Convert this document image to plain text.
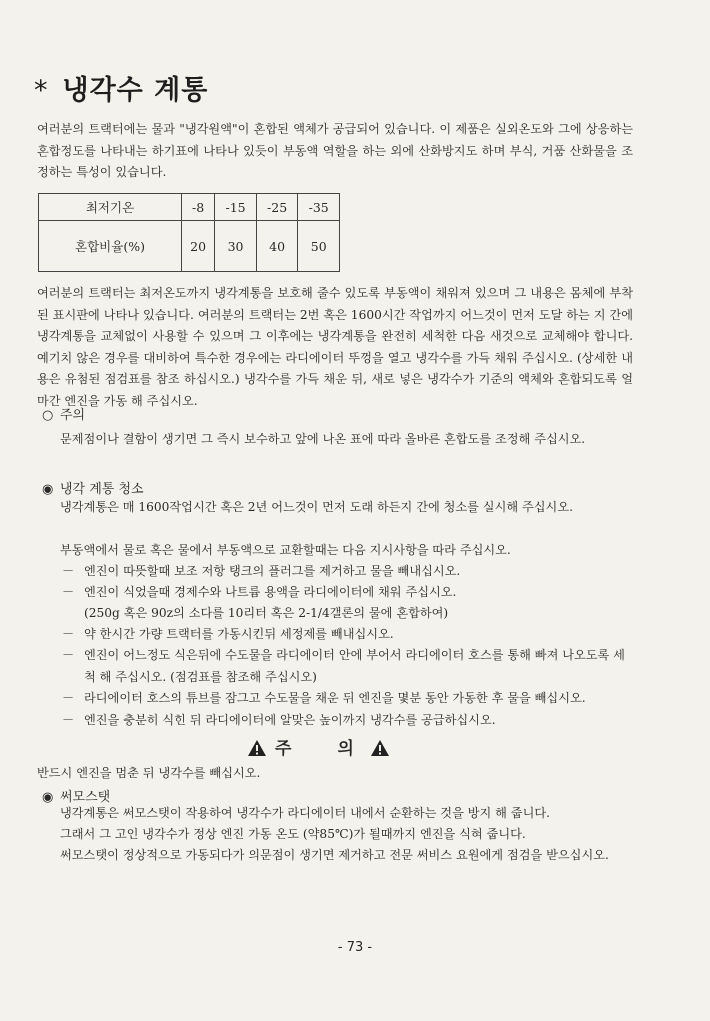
* 냉각수 계통
여러분의 트랙터에는 물과 "냉각원액"이 혼합된 액체가 공급되어 있습니다. 이 제품은 실외온도와 그에 상응하는 혼합정도를 나타내는 하기표에 나타나 있듯이 부동액 역할을 하는 외에 산화방지도 하며 부식, 거품 산화물을 조정하는 특성이 있습니다.
최저기온	-8	-15	-25	-35
혼합비율(%)	20	30	40	50
여러분의 트랙터는 최저온도까지 냉각계통을 보호해 줄수 있도록 부동액이 채워져 있으며 그 내용은 몸체에 부착된 표시판에 나타나 있습니다. 여러분의 트랙터는 2번 혹은 1600시간 작업까지 어느것이 먼저 도달 하는 지 간에 냉각계통을 교체없이 사용할 수 있으며 그 이후에는 냉각계통을 완전히 세척한 다음 새것으로 교체해야 합니다. 예기치 않은 경우를 대비하여 특수한 경우에는 라디에이터 뚜껑을 열고 냉각수를 가득 채워 주십시오. (상세한 내용은 유첨된 점검표를 참조 하십시오.) 냉각수를 가득 채운 뒤, 새로 넣은 냉각수가 기준의 액체와 혼합되도록 얼마간 엔진을 가동 해 주십시오.
○ 주의
문제점이나 결함이 생기면 그 즉시 보수하고 앞에 나온 표에 따라 올바른 혼합도를 조정해 주십시오.
◉ 냉각 계통 청소
냉각계통은 매 1600작업시간 혹은 2년 어느것이 먼저 도래 하든지 간에 청소를 실시해 주십시오.
부동액에서 물로 혹은 물에서 부동액으로 교환할때는 다음 지시사항을 따라 주십시오.
－ 엔진이 따뜻할때 보조 저항 탱크의 플러그를 제거하고 물을 빼내십시오.
－ 엔진이 식었을때 경제수와 나트륨 용액을 라디에이터에 채워 주십시오.
(250g 혹은 90z의 소다를 10리터 혹은 2-1/4갤론의 물에 혼합하여)
－ 약 한시간 가량 트랙터를 가동시킨뒤 세정제를 빼내십시오.
－ 엔진이 어느정도 식은뒤에 수도물을 라디에이터 안에 부어서 라디에이터 호스를 통해 빠져 나오도록 세척 해 주십시오. (점검표를 참조해 주십시오)
－ 라디에이터 호스의 튜브를 잠그고 수도물을 채운 뒤 엔진을 몇분 동안 가동한 후 물을 빼십시오.
－ 엔진을 충분히 식힌 뒤 라디에이터에 알맞은 높이까지 냉각수를 공급하십시오.
주	의
반드시 엔진을 멈춘 뒤 냉각수를 빼십시오.
◉ 써모스탯
냉각계통은 써모스탯이 작용하여 냉각수가 라디에이터 내에서 순환하는 것을 방지 해 줍니다.
그래서 그 고인 냉각수가 정상 엔진 가동 온도 (약85℃)가 될때까지 엔진을 식혀 줍니다.
써모스탯이 정상적으로 가동되다가 의문점이 생기면 제거하고 전문 써비스 요원에게 점검을 받으십시오.
- 73 -
